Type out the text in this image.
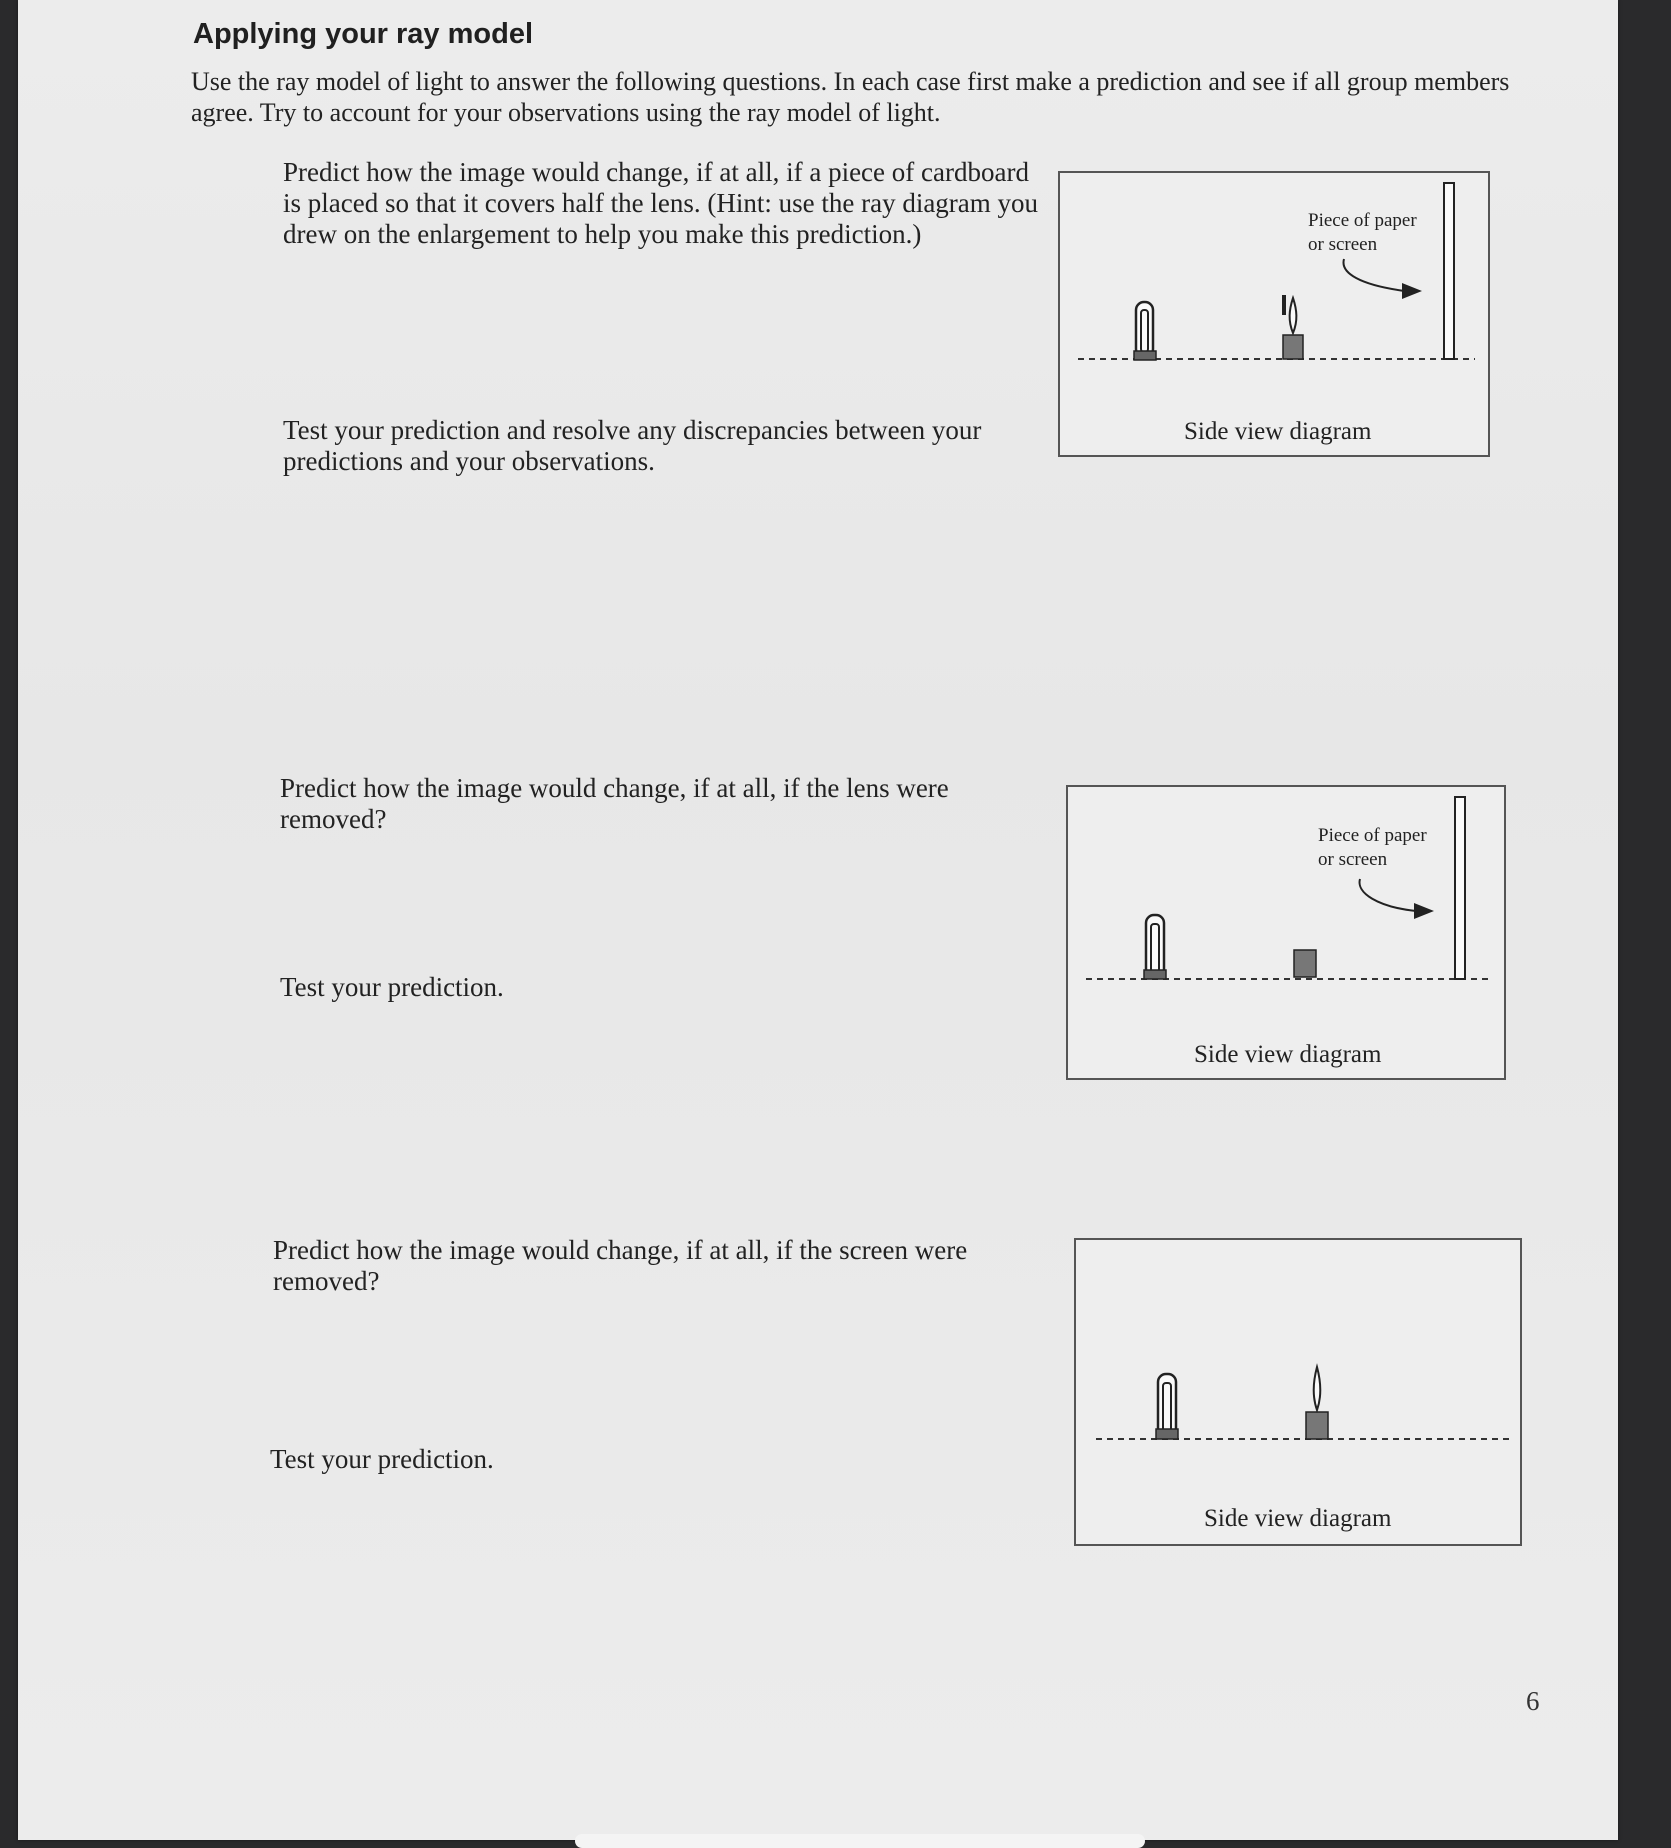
Applying your ray model

Use the ray model of light to answer the following questions. In each case first make a prediction and see if all group members agree. Try to account for your observations using the ray model of light.

Predict how the image would change, if at all, if a piece of cardboard is placed so that it covers half the lens. (Hint: use the ray diagram you drew on the enlargement to help you make this prediction.)

Test your prediction and resolve any discrepancies between your predictions and your observations.

Piece of paper
or screen
Side view diagram

Predict how the image would change, if at all, if the lens were removed?

Test your prediction.

Piece of paper
or screen
Side view diagram

Predict how the image would change, if at all, if the screen were removed?

Test your prediction.

Side view diagram
6
